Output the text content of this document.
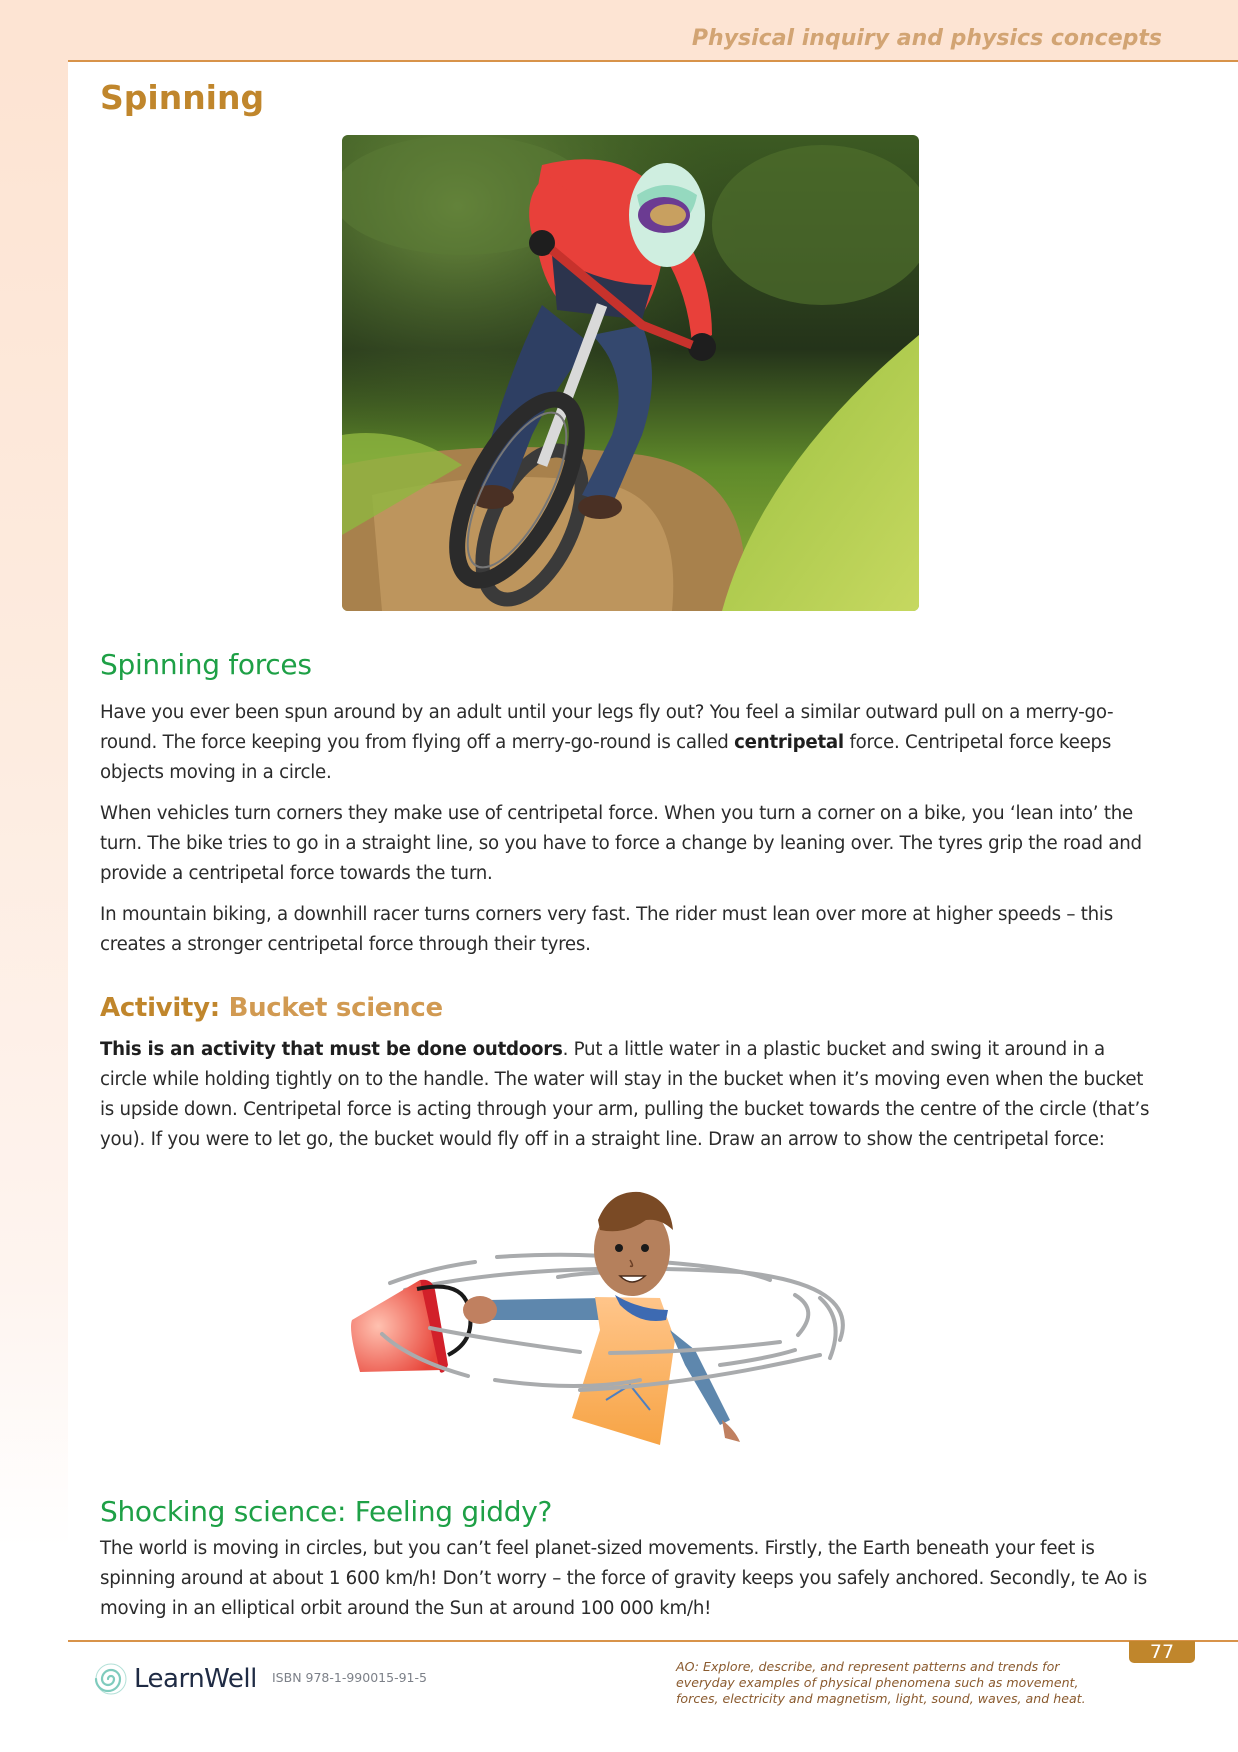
Physical inquiry and physics concepts
Spinning
Spinning forces

Have you ever been spun around by an adult until your legs fly out? You feel a similar outward pull on a merry-go-round. The force keeping you from flying off a merry-go-round is called centripetal force. Centripetal force keeps objects moving in a circle.

When vehicles turn corners they make use of centripetal force. When you turn a corner on a bike, you ‘lean into’ the turn. The bike tries to go in a straight line, so you have to force a change by leaning over. The tyres grip the road and provide a centripetal force towards the turn.

In mountain biking, a downhill racer turns corners very fast. The rider must lean over more at higher speeds – this creates a stronger centripetal force through their tyres.

Activity: Bucket science

This is an activity that must be done outdoors. Put a little water in a plastic bucket and swing it around in a circle while holding tightly on to the handle. The water will stay in the bucket when it’s moving even when the bucket is upside down. Centripetal force is acting through your arm, pulling the bucket towards the centre of the circle (that’s you). If you were to let go, the bucket would fly off in a straight line. Draw an arrow to show the centripetal force:

Shocking science: Feeling giddy?

The world is moving in circles, but you can’t feel planet-sized movements. Firstly, the Earth beneath your feet is spinning around at about 1 600 km/h! Don’t worry – the force of gravity keeps you safely anchored. Secondly, te Ao is moving in an elliptical orbit around the Sun at around 100 000 km/h!

77
LearnWell ISBN 978-1-990015-91-5

AO: Explore, describe, and represent patterns and trends for everyday examples of physical phenomena such as movement, forces, electricity and magnetism, light, sound, waves, and heat.
